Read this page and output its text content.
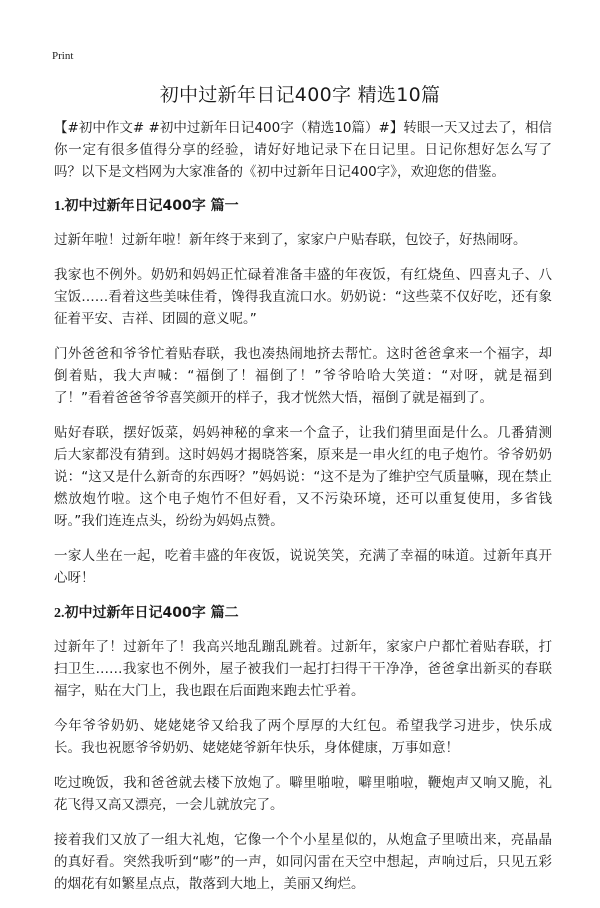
Print
初中过新年日记400字 精选10篇

【#初中作文# #初中过新年日记400字（精选10篇）#】转眼一天又过去了，相信你一定有很多值得分享的经验，请好好地记录下在日记里。日记你想好怎么写了吗？以下是文档网为大家准备的《初中过新年日记400字》，欢迎您的借鉴。

1.初中过新年日记400字 篇一

过新年啦！过新年啦！新年终于来到了，家家户户贴春联，包饺子，好热闹呀。

我家也不例外。奶奶和妈妈正忙碌着准备丰盛的年夜饭，有红烧鱼、四喜丸子、八宝饭……看着这些美味佳肴，馋得我直流口水。奶奶说：“这些菜不仅好吃，还有象征着平安、吉祥、团圆的意义呢。”

门外爸爸和爷爷忙着贴春联，我也凑热闹地挤去帮忙。这时爸爸拿来一个福字，却倒着贴，我大声喊：“福倒了！福倒了！”爷爷哈哈大笑道：“对呀，就是福到了！”看着爸爸爷爷喜笑颜开的样子，我才恍然大悟，福倒了就是福到了。

贴好春联，摆好饭菜，妈妈神秘的拿来一个盒子，让我们猜里面是什么。几番猜测后大家都没有猜到。这时妈妈才揭晓答案，原来是一串火红的电子炮竹。爷爷奶奶说：“这又是什么新奇的东西呀？”妈妈说：“这不是为了维护空气质量嘛，现在禁止燃放炮竹啦。这个电子炮竹不但好看，又不污染环境，还可以重复使用，多省钱呀。”我们连连点头，纷纷为妈妈点赞。

一家人坐在一起，吃着丰盛的年夜饭，说说笑笑，充满了幸福的味道。过新年真开心呀！

2.初中过新年日记400字 篇二

过新年了！过新年了！我高兴地乱蹦乱跳着。过新年，家家户户都忙着贴春联，打扫卫生……我家也不例外，屋子被我们一起打扫得干干净净，爸爸拿出新买的春联福字，贴在大门上，我也跟在后面跑来跑去忙乎着。

今年爷爷奶奶、姥姥姥爷又给我了两个厚厚的大红包。希望我学习进步，快乐成长。我也祝愿爷爷奶奶、姥姥姥爷新年快乐，身体健康，万事如意！

吃过晚饭，我和爸爸就去楼下放炮了。噼里啪啦，噼里啪啦，鞭炮声又响又脆，礼花飞得又高又漂亮，一会儿就放完了。

接着我们又放了一组大礼炮，它像一个个小星星似的，从炮盒子里喷出来，亮晶晶的真好看。突然我听到“嘭”的一声，如同闪雷在天空中想起，声响过后，只见五彩的烟花有如繁星点点，散落到大地上，美丽又绚烂。
